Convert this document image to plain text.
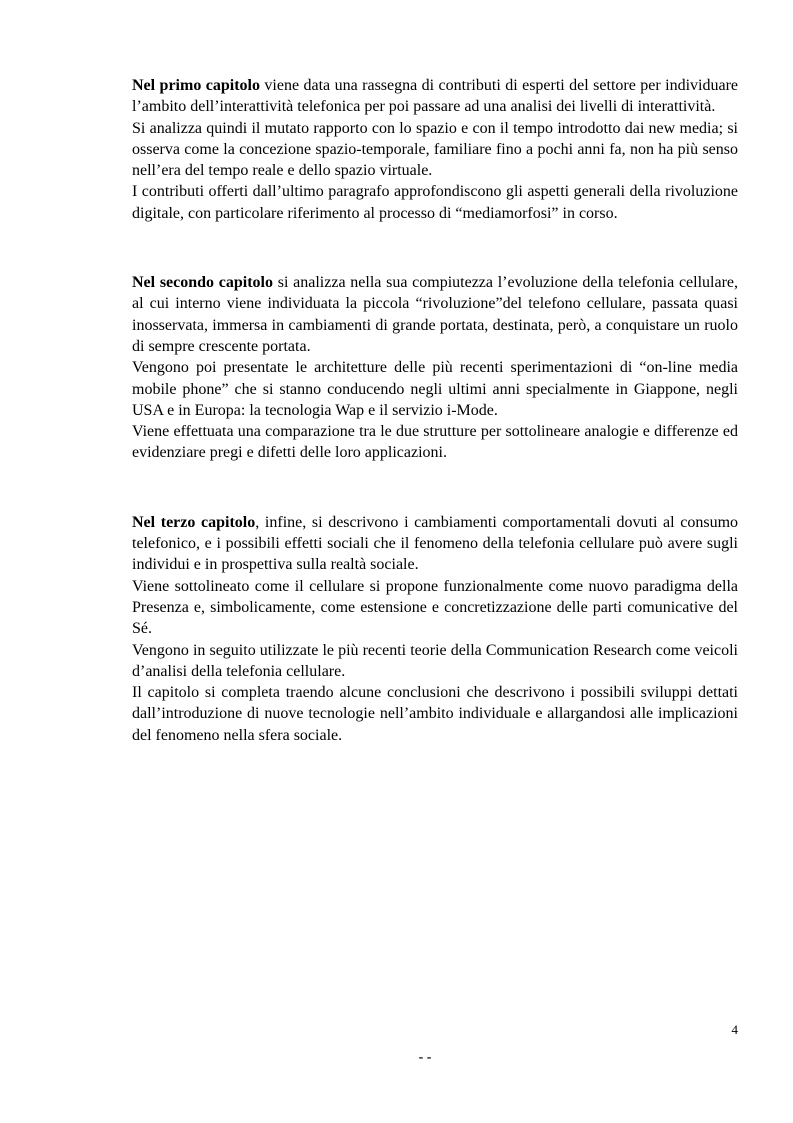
Nel primo capitolo viene data una rassegna di contributi di esperti del settore per individuare l’ambito dell’interattività telefonica per poi passare ad una analisi dei livelli di interattività.

Si analizza quindi il mutato rapporto con lo spazio e con il tempo introdotto dai new media; si osserva come la concezione spazio-temporale, familiare fino a pochi anni fa, non ha più senso nell’era del tempo reale e dello spazio virtuale.

I contributi offerti dall’ultimo paragrafo approfondiscono gli aspetti generali della rivoluzione digitale, con particolare riferimento al processo di “mediamorfosi” in corso.

Nel secondo capitolo si analizza nella sua compiutezza l’evoluzione della telefonia cellulare, al cui interno viene individuata la piccola “rivoluzione”del telefono cellulare, passata quasi inosservata, immersa in cambiamenti di grande portata, destinata, però, a conquistare un ruolo di sempre crescente portata.

Vengono poi presentate le architetture delle più recenti sperimentazioni di “on-line media mobile phone” che si stanno conducendo negli ultimi anni specialmente in Giappone, negli USA e in Europa: la tecnologia Wap e il servizio i-Mode.

Viene effettuata una comparazione tra le due strutture per sottolineare analogie e differenze ed evidenziare pregi e difetti delle loro applicazioni.

Nel terzo capitolo, infine, si descrivono i cambiamenti comportamentali dovuti al consumo telefonico, e i possibili effetti sociali che il fenomeno della telefonia cellulare può avere sugli individui e in prospettiva sulla realtà sociale.

Viene sottolineato come il cellulare si propone funzionalmente come nuovo paradigma della Presenza e, simbolicamente, come estensione e concretizzazione delle parti comunicative del Sé.

Vengono in seguito utilizzate le più recenti teorie della Communication Research come veicoli d’analisi della telefonia cellulare.

Il capitolo si completa traendo alcune conclusioni che descrivono i possibili sviluppi dettati dall’introduzione di nuove tecnologie nell’ambito individuale e allargandosi alle implicazioni del fenomeno nella sfera sociale.

4
- -
